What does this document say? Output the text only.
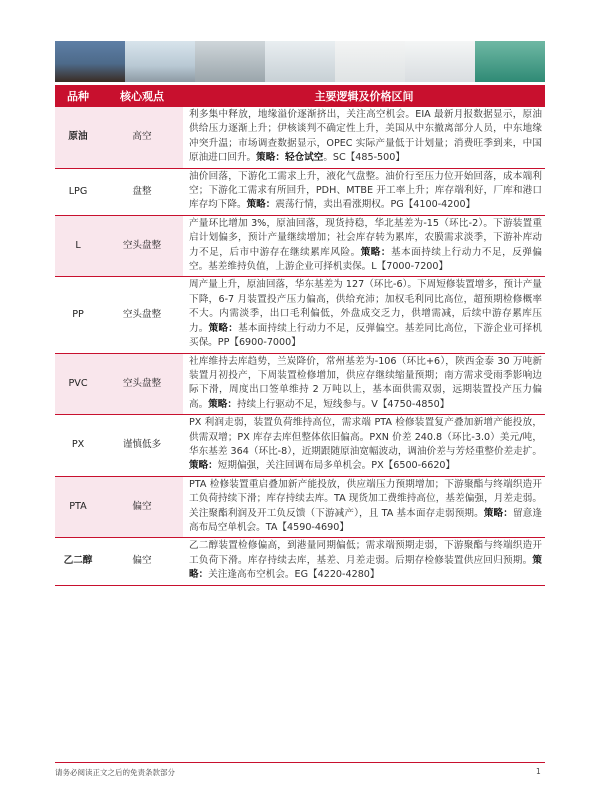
品种	核心观点	主要逻辑及价格区间
原油	高空	利多集中释放，地缘溢价逐渐挤出，关注高空机会。EIA 最新月报数据显示，原油供给压力逐渐上升；伊核谈判不确定性上升，美国从中东撤离部分人员，中东地缘冲突升温；市场调查数据显示，OPEC 实际产量低于计划量；消费旺季到来，中国原油进口回升。策略：轻仓试空。SC【485-500】
LPG	盘整	油价回落，下游化工需求上升，液化气盘整。油价行至压力位开始回落，成本端利空；下游化工需求有所回升，PDH、MTBE 开工率上升；库存端利好，厂库和港口库存均下降。策略：震荡行情，卖出看涨期权。PG【4100-4200】
L	空头盘整	产量环比增加 3%，原油回落，现货持稳，华北基差为-15（环比-2）。下游装置重启计划偏多，预计产量继续增加；社会库存转为累库，农膜需求淡季，下游补库动力不足，后市中游存在继续累库风险。策略：基本面持续上行动力不足，反弹偏空。基差维持负值，上游企业可择机卖保。L【7000-7200】
PP	空头盘整	周产量上升，原油回落，华东基差为 127（环比-6）。下周短修装置增多，预计产量下降，6-7 月装置投产压力偏高，供给充沛；加权毛利同比高位，超预期检修概率不大。内需淡季，出口毛利偏低，外盘成交乏力，供增需减，后续中游存累库压力。策略：基本面持续上行动力不足，反弹偏空。基差同比高位，下游企业可择机买保。PP【6900-7000】
PVC	空头盘整	社库维持去库趋势，兰炭降价，常州基差为-106（环比+6），陕西金泰 30 万吨新装置月初投产，下周装置检修增加，供应存继续缩量预期；南方需求受雨季影响边际下滑，周度出口签单维持 2 万吨以上，基本面供需双弱，远期装置投产压力偏高。策略：持续上行驱动不足，短线参与。V【4750-4850】
PX	谨慎低多	PX 利润走弱，装置负荷维持高位，需求端 PTA 检修装置复产叠加新增产能投放，供需双增；PX 库存去库但整体依旧偏高。PXN 价差 240.8（环比-3.0）美元/吨，华东基差 364（环比-8），近期跟随原油宽幅波动，调油价差与芳烃重整价差走扩。策略：短期偏强，关注回调布局多单机会。PX【6500-6620】
PTA	偏空	PTA 检修装置重启叠加新产能投放，供应端压力预期增加；下游聚酯与终端织造开工负荷持续下滑；库存持续去库。TA 现货加工费维持高位，基差偏强，月差走弱。关注聚酯利润及开工负反馈（下游减产），且 TA 基本面存走弱预期。策略：留意逢高布局空单机会。TA【4590-4690】
乙二醇	偏空	乙二醇装置检修偏高，到港量同期偏低；需求端预期走弱，下游聚酯与终端织造开工负荷下滑。库存持续去库，基差、月差走弱。后期存检修装置供应回归预期。策略：关注逢高布空机会。EG【4220-4280】
请务必阅读正文之后的免责条款部分	1
